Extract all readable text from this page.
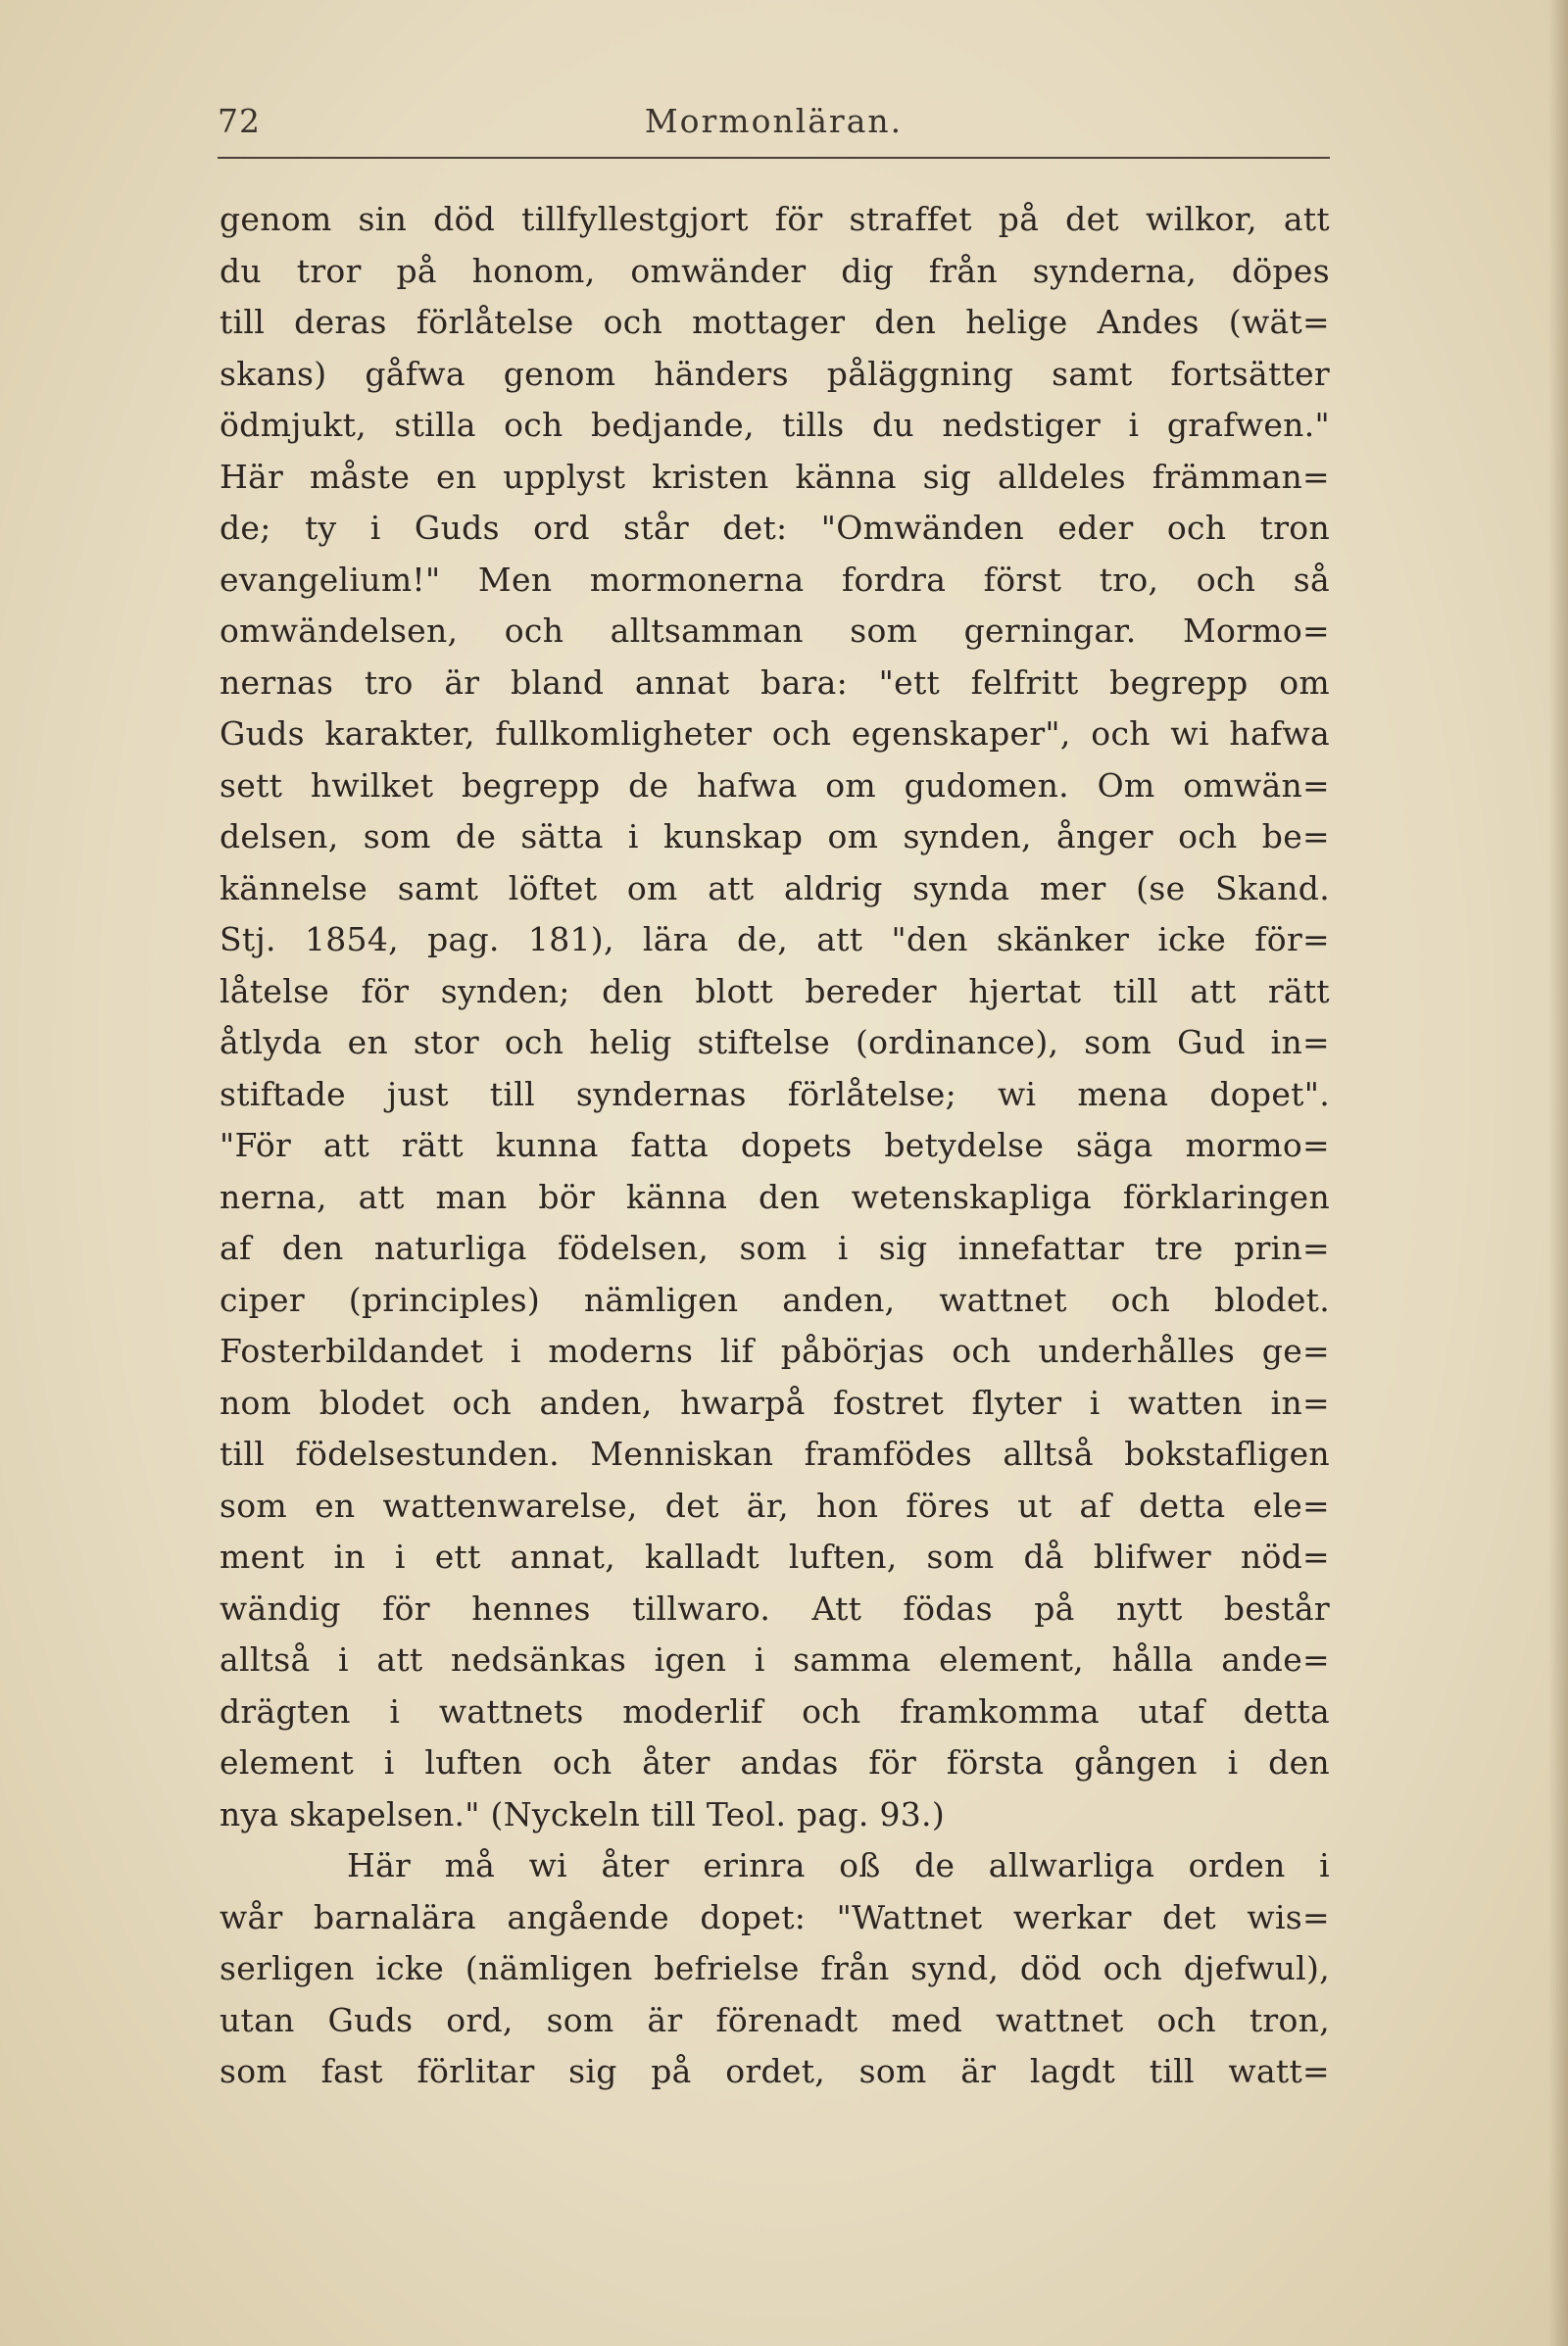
72	Mormonläran.
genom sin död tillfyllestgjort för straffet på det wilkor, att
du tror på honom, omwänder dig från synderna, döpes
till deras förlåtelse och mottager den helige Andes (wät=
skans) gåfwa genom händers påläggning samt fortsätter
ödmjukt, stilla och bedjande, tills du nedstiger i grafwen."
Här måste en upplyst kristen känna sig alldeles främman=
de; ty i Guds ord står det: "Omwänden eder och tron
evangelium!" Men mormonerna fordra först tro, och så
omwändelsen, och alltsamman som gerningar. Mormo=
nernas tro är bland annat bara: "ett felfritt begrepp om
Guds karakter, fullkomligheter och egenskaper", och wi hafwa
sett hwilket begrepp de hafwa om gudomen. Om omwän=
delsen, som de sätta i kunskap om synden, ånger och be=
kännelse samt löftet om att aldrig synda mer (se Skand.
Stj. 1854, pag. 181), lära de, att "den skänker icke för=
låtelse för synden; den blott bereder hjertat till att rätt
åtlyda en stor och helig stiftelse (ordinance), som Gud in=
stiftade just till syndernas förlåtelse; wi mena dopet".
"För att rätt kunna fatta dopets betydelse säga mormo=
nerna, att man bör känna den wetenskapliga förklaringen
af den naturliga födelsen, som i sig innefattar tre prin=
ciper (principles) nämligen anden, wattnet och blodet.
Fosterbildandet i moderns lif påbörjas och underhålles ge=
nom blodet och anden, hwarpå fostret flyter i watten in=
till födelsestunden. Menniskan framfödes alltså bokstafligen
som en wattenwarelse, det är, hon föres ut af detta ele=
ment in i ett annat, kalladt luften, som då blifwer nöd=
wändig för hennes tillwaro. Att födas på nytt består
alltså i att nedsänkas igen i samma element, hålla ande=
drägten i wattnets moderlif och framkomma utaf detta
element i luften och åter andas för första gången i den
nya skapelsen." (Nyckeln till Teol. pag. 93.)
Här må wi åter erinra oß de allwarliga orden i
wår barnalära angående dopet: "Wattnet werkar det wis=
serligen icke (nämligen befrielse från synd, död och djefwul),
utan Guds ord, som är förenadt med wattnet och tron,
som fast förlitar sig på ordet, som är lagdt till watt=
